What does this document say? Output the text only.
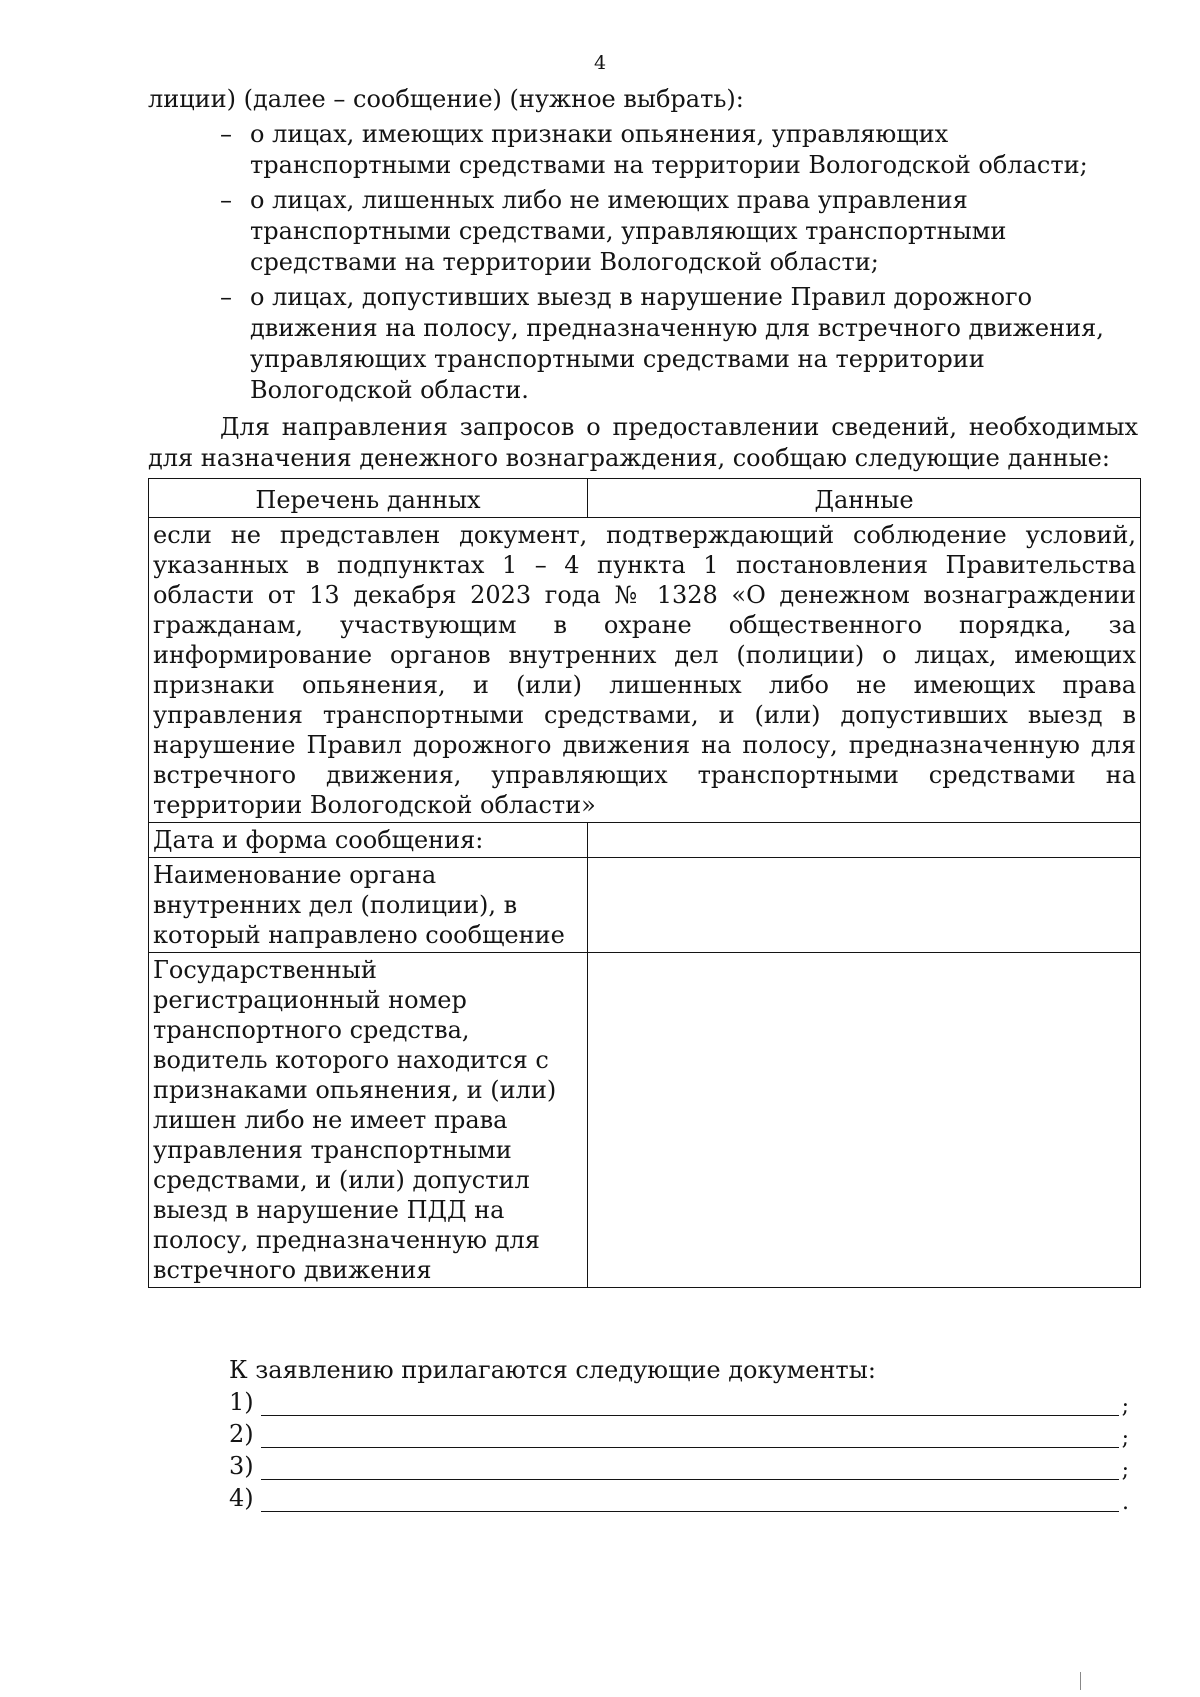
4

лиции) (далее – сообщение) (нужное выбрать):

– о лицах, имеющих признаки опьянения, управляющих транспортными средствами на территории Вологодской области;
– о лицах, лишенных либо не имеющих права управления транспортными средствами, управляющих транспортными средствами на территории Вологодской области;
– о лицах, допустивших выезд в нарушение Правил дорожного движения на полосу, предназначенную для встречного движения, управляющих транспортными средствами на территории Вологодской области.

Для направления запросов о предоставлении сведений, необходимых для назначения денежного вознаграждения, сообщаю следующие данные:

Перечень данных	Данные
если не представлен документ, подтверждающий соблюдение условий, указанных в подпунктах 1 – 4 пункта 1 постановления Правительства области от 13 декабря 2023 года № 1328 «О денежном вознаграждении гражданам, участвующим в охране общественного порядка, за информирование органов внутренних дел (полиции) о лицах, имеющих признаки опьянения, и (или) лишенных либо не имеющих права управления транспортными средствами, и (или) допустивших выезд в нарушение Правил дорожного движения на полосу, предназначенную для встречного движения, управляющих транспортными средствами на территории Вологодской области»	
Дата и форма сообщения:	
Наименование органа внутренних дел (полиции), в который направлено сообщение	
Государственный регистрационный номер транспортного средства, водитель которого находится с признаками опьянения, и (или) лишен либо не имеет права управления транспортными средствами, и (или) допустил выезд в нарушение ПДД на полосу, предназначенную для встречного движения	

К заявлению прилагаются следующие документы:

1)	;
2)	;
3)	;
4)	.
